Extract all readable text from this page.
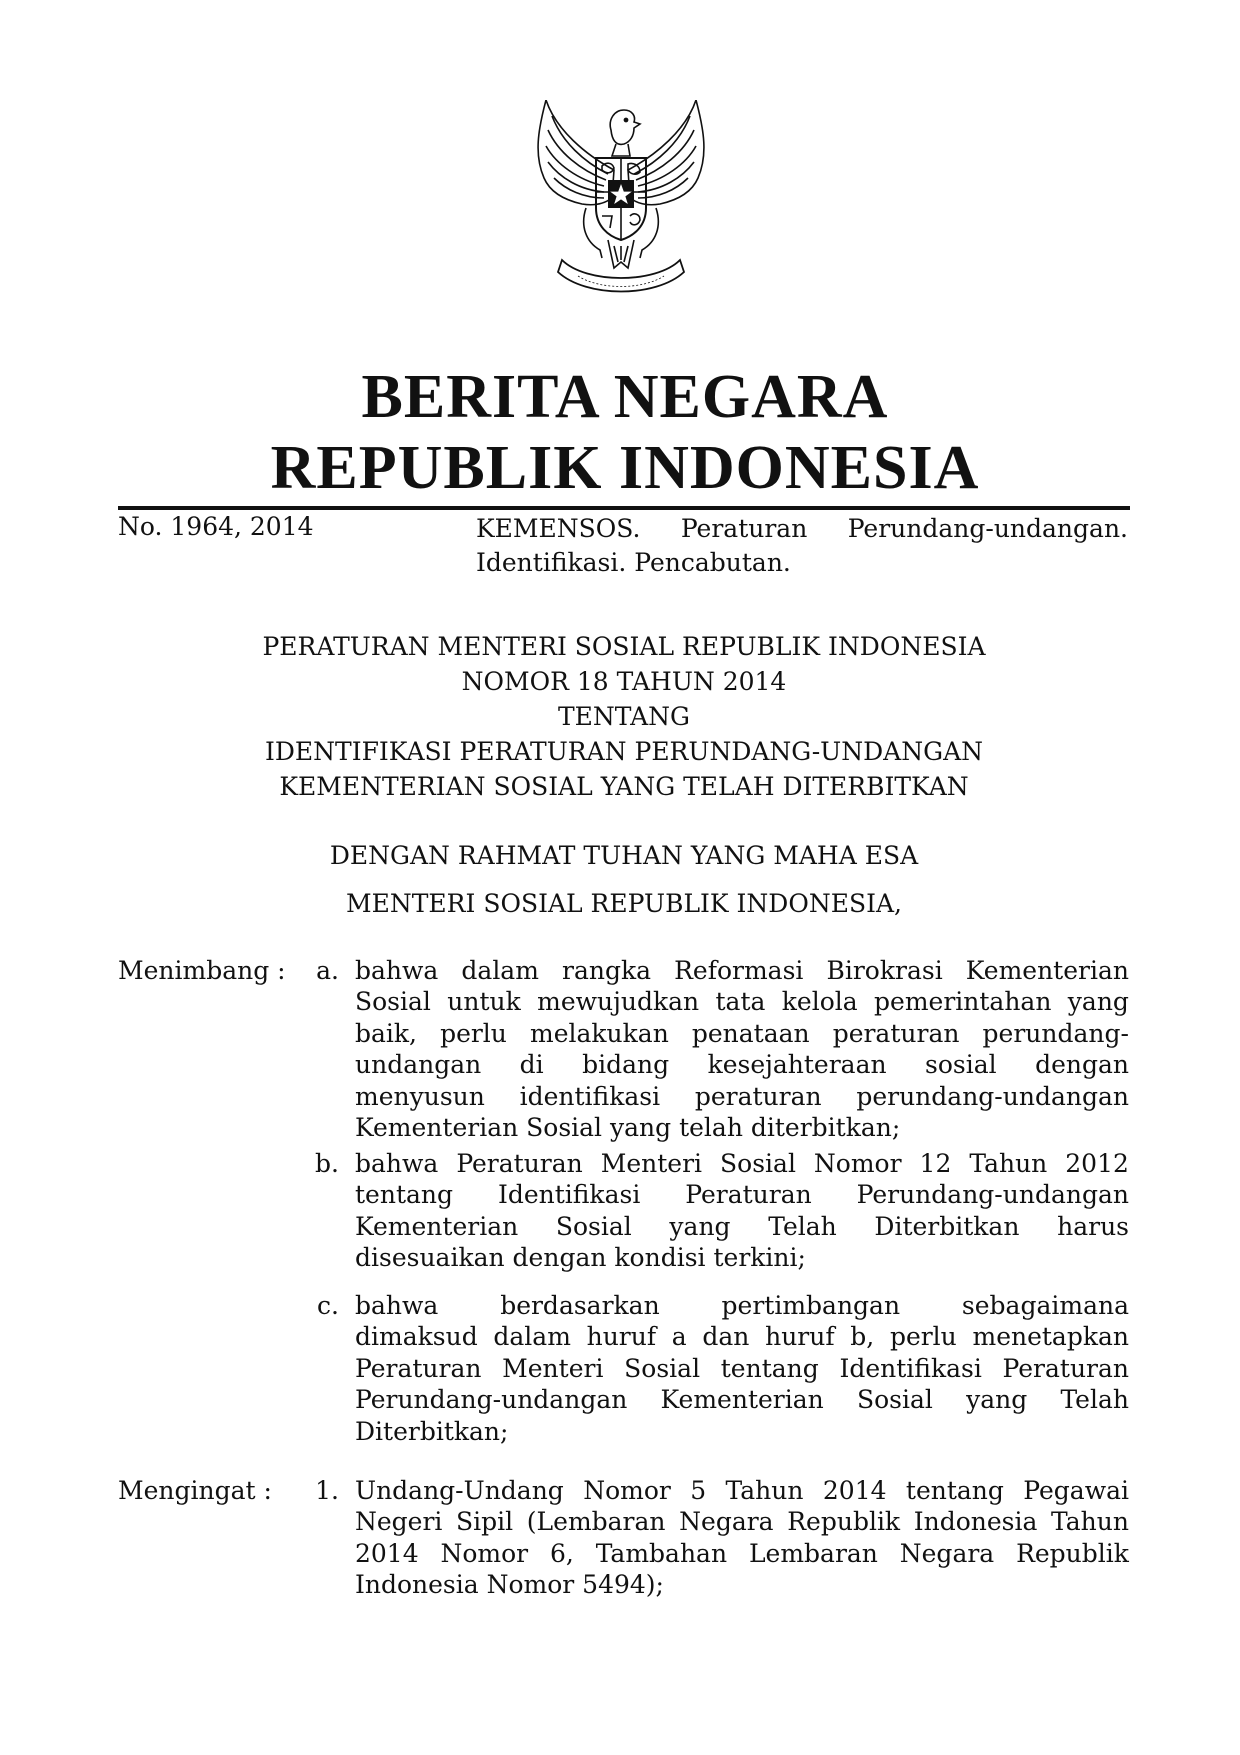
BERITA NEGARA
REPUBLIK INDONESIA
No. 1964, 2014	KEMENSOS. Peraturan Perundang-undangan.
Identifikasi. Pencabutan.
PERATURAN MENTERI SOSIAL REPUBLIK INDONESIA
NOMOR 18 TAHUN 2014
TENTANG
IDENTIFIKASI PERATURAN PERUNDANG-UNDANGAN
KEMENTERIAN SOSIAL YANG TELAH DITERBITKAN
DENGAN RAHMAT TUHAN YANG MAHA ESA
MENTERI SOSIAL REPUBLIK INDONESIA,
Menimbang :	a. bahwa dalam rangka Reformasi Birokrasi Kementerian
Sosial untuk mewujudkan tata kelola pemerintahan yang
baik, perlu melakukan penataan peraturan perundang-
undangan di bidang kesejahteraan sosial dengan
menyusun identifikasi peraturan perundang-undangan
Kementerian Sosial yang telah diterbitkan;
b. bahwa Peraturan Menteri Sosial Nomor 12 Tahun 2012
tentang Identifikasi Peraturan Perundang-undangan
Kementerian Sosial yang Telah Diterbitkan harus
disesuaikan dengan kondisi terkini;
c. bahwa berdasarkan pertimbangan sebagaimana
dimaksud dalam huruf a dan huruf b, perlu menetapkan
Peraturan Menteri Sosial tentang Identifikasi Peraturan
Perundang-undangan Kementerian Sosial yang Telah
Diterbitkan;
Mengingat :	1. Undang-Undang Nomor 5 Tahun 2014 tentang Pegawai
Negeri Sipil (Lembaran Negara Republik Indonesia Tahun
2014 Nomor 6, Tambahan Lembaran Negara Republik
Indonesia Nomor 5494);
